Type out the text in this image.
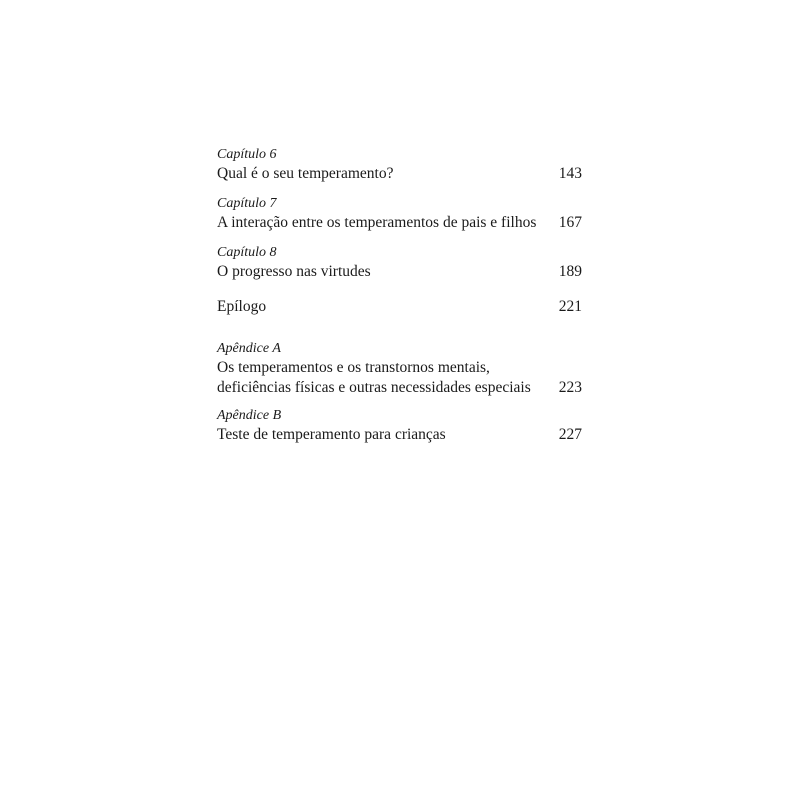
Capítulo 6
Qual é o seu temperamento?	143
Capítulo 7
A interação entre os temperamentos de pais e filhos	167
Capítulo 8
O progresso nas virtudes	189
Epílogo	221
Apêndice A
Os temperamentos e os transtornos mentais,
deficiências físicas e outras necessidades especiais	223
Apêndice B
Teste de temperamento para crianças	227
